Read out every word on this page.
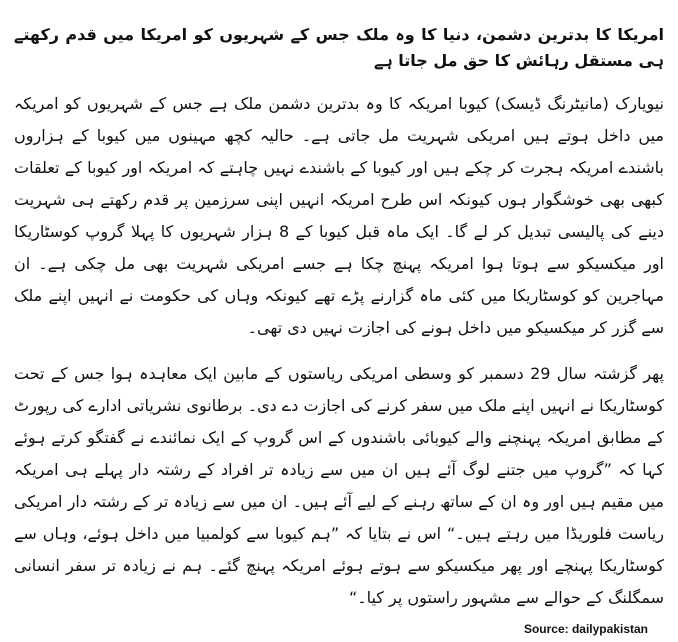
امریکا کا بدترین دشمن، دنیا کا وہ ملک جس کے شہریوں کو امریکا میں قدم رکھتے ہی مستقل رہائش کا حق مل جاتا ہے

نیویارک (مانیٹرنگ ڈیسک) کیوبا امریکہ کا وہ بدترین دشمن ملک ہے جس کے شہریوں کو امریکہ میں داخل ہوتے ہیں امریکی شہریت مل جاتی ہے۔ حالیہ کچھ مہینوں میں کیوبا کے ہزاروں باشندے امریکہ ہجرت کر چکے ہیں اور کیوبا کے باشندے نہیں چاہتے کہ امریکہ اور کیوبا کے تعلقات کبھی بھی خوشگوار ہوں کیونکہ اس طرح امریکہ انہیں اپنی سرزمین پر قدم رکھتے ہی شہریت دینے کی پالیسی تبدیل کر لے گا۔ ایک ماہ قبل کیوبا کے 8 ہزار شہریوں کا پہلا گروپ کوسٹاریکا اور میکسیکو سے ہوتا ہوا امریکہ پہنچ چکا ہے جسے امریکی شہریت بھی مل چکی ہے۔ ان مہاجرین کو کوسٹاریکا میں کئی ماہ گزارنے پڑے تھے کیونکہ وہاں کی حکومت نے انہیں اپنے ملک سے گزر کر میکسیکو میں داخل ہونے کی اجازت نہیں دی تھی۔

پھر گزشتہ سال 29 دسمبر کو وسطی امریکی ریاستوں کے مابین ایک معاہدہ ہوا جس کے تحت کوسٹاریکا نے انہیں اپنے ملک میں سفر کرنے کی اجازت دے دی۔ برطانوی نشریاتی ادارے کی رپورٹ کے مطابق امریکہ پہنچنے والے کیوبائی باشندوں کے اس گروپ کے ایک نمائندے نے گفتگو کرتے ہوئے کہا کہ ”گروپ میں جتنے لوگ آئے ہیں ان میں سے زیادہ تر افراد کے رشتہ دار پہلے ہی امریکہ میں مقیم ہیں اور وہ ان کے ساتھ رہنے کے لیے آئے ہیں۔ ان میں سے زیادہ تر کے رشتہ دار امریکی ریاست فلوریڈا میں رہتے ہیں۔“ اس نے بتایا کہ ”ہم کیوبا سے کولمبیا میں داخل ہوئے، وہاں سے کوسٹاریکا پہنچے اور پھر میکسیکو سے ہوتے ہوئے امریکہ پہنچ گئے۔ ہم نے زیادہ تر سفر انسانی سمگلنگ کے حوالے سے مشہور راستوں پر کیا۔“

Source: dailypakistan
